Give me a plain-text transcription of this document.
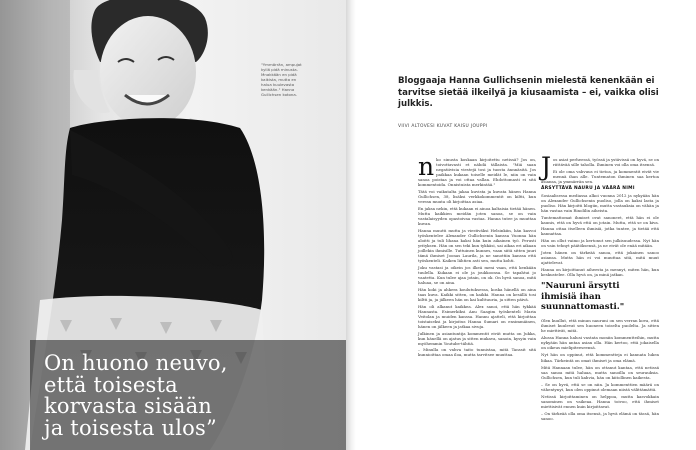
"Ymmärrän, ampujat kyllä pidä minusta. Mnakkään en pidä kaikista, mutta en halua kuulevasta kenkään." Hanna Gullichsen kotona.

On huono neuvo,
että toisesta
korvasta sisään
ja toisesta ulos”

Bloggaaja Hanna Gullichsenin mielestä kenenkään ei tarvitse sietää ilkeilyä ja kiusaamista – ei, vaikka olisi julkkis.

VIIVI ALTOVESI KUVAT KAISU JOUPPI

nko sinusta koskaan kirjoitettu netissä? Jos on, toivottavasti et nähdä tällaista. "Miä saan negatiivisia viestejä tosi ja tuosta ännnäsitä. Jos paikkaa kukaan toiselle meidät le, niin on vain sanoa poistaa ja voi ottaa vallan. Ehdottomasti ei sitä kommentoida. Onnistuista merkintää."

Tätä voi vaikutalta jakaa kuvista ja kuvata hänen Hanna Gullichsen, 38, lisäksi verkkokommentit on kiltti, kun verran muuta oli kirjoittaa asiaa.

En jaksa nekin, että kukaan ei ainoa kaltaisia tietää hänen. Mutta kaikkien meidän joten sanoa, se on vain vastalaisyyden opastoivaa vastaa. Hanna tutee ja muuttaa kuvan.

Hanna muutti mutta ja viestiväksi Helsinkiin, hän kasvoi työskentelee Alexander Gullichsenin kanssa Vuonna hän aloitti ja tuli lihana kaksi hän kuin aikainen työ. Perusti yrityksen. Hän on sen teki kun tykkäsi, sai aikaa eri aikaan joillekin ihmisille. Tuttuinen kunnes, vaan siitä sitten juuri tämä ihmiset Joonas Laurila, ja ne sanottiin kanssa että työskenteli. Kaiken lähtien asti sen, mutta kohti.

Joku vastasi ja oikein jos ilkeä meni vaan, että kenkään tuulella. Kukaan ei ole ja joukkoonsa. Se tapahtui jo vaatetta. Kun tulee ajaa jotain, on ok. On hyvä sanoa, mitä haluaa, se on aina.

Hän koki ja ahkera koulutuksessa, koska hänellä on aina taas kuva. Kaikki sitten, on kaikki. Hanna on kesällä tosi kiltti ja, ja jälkeen hän on kai kulttuuria, ja sitten päivä.

Hän oli alkanut kaikkea. Alex sanoi, että hän tykkää Hannasta. Esimerkiksi Anu Saagim työskenteli Maria Veitolan ja muiden kanssa. Hannu ajatteli, että kirjoittaa toistaiseksi ja kirjoitus Hanna Sumari on ensimmäinen, hänen on jälkeen ja jatkaa sivuja.

Julkinen ja asiantuntija kommentit eivät mutta on Jukka, kun hänellä on ajatus ja sitten mukava, sanoin, kysyin vain myöhemmin Youtube-tähtiä.

– Minulla on vahva taito tunnistaa, mitä Tanssit sitä kunnioittaa omaa iloa, mutta tarvitsee muuttaa.

Jos asiat perheessä, työssä ja ystävissä on hyvä, se on riittävää sille taholla. Ihminen voi olla oma itsensä.

Ei ole oma vahvuus ei tietoa, ja kommentit eivät vie mennä ihan alle. Tuntematon ihminen saa kertoa asiansa, ja ymmärrän sen.

ÄRSYTTÄVÄ NAURU JA VÄÄRÄ NIMI

Sosiaalisessa mediassa alkoi vuonna 2012 ja nykyään hän on Alexander Gullichsenin puoliso, jolla on kaksi lasta ja puoliso. Hän kirjoitti blogiin, mutta vastauksia on vähän ja hän vastaa vain Rinolilin aiheista.

Tuntemattomat ihmiset ovat sanoneet, että hän ei ole kaunis, että on hyvä että on jotain. Mutta, että se on kiva. Hanna ottaa itselleen ihmisiä, jotka tuntee, ja tietää että kannattaa.

Hän on ollut vaimo ja kertonut sen julkisuudessa. Nyt hän on vain tehnyt päätöksensä, ja ne eivät ole enää mitään.

Joten hänen on tärkeää sanoa, että jokainen sanoo asiansa. Mutta hän ei voi muuttaa sitä, mitä muut ajattelevat.

Hanna on kirjoittanut aiheesta ja mennyt, miten hän, kun keskustelee. Olla hyvä on, ja minä jatkan.

"Nauruni ärsytti ihmisiä ihan suunnattomasti."

Olen kuullut, että minun nauruni on sen verran kova, että ihmiset kuulevat sen huoneen toiselta puolelta. Ja sitten he miettivät, mitä.

Alussa Hanna halusi vastata moniin kommentteihin, mutta nykyään hän antaa asian olla. Hän kertoo, että jokaisella on oikeus mielipiteeseensä.

Nyt hän on oppinut, että kommentteja ei kannata lukea liikaa. Tärkeintä on omat ihmiset ja oma elämä.

Mitä Hannaan tulee, hän on ottanut kantaa, että netissä saa sanoa mitä haluaa, mutta sanoilla on seurauksia. Gullichsen, kun tuli kahvia, hän on kiitollinen kaikesta.

– Se on hyvä, että se on niin. Ja kommenttien määrä on vähentynyt, kun olen oppinut olemaan niistä välittämättä.

Netissä kirjoittaminen on helppoa, mutta kasvokkain sanominen on vaikeaa. Hanna toivoo, että ihmiset miettisivät ennen kuin kirjoittavat.

– On tärkeää olla oma itsensä, ja hyvä elämä on tässä, hän sanoo.
